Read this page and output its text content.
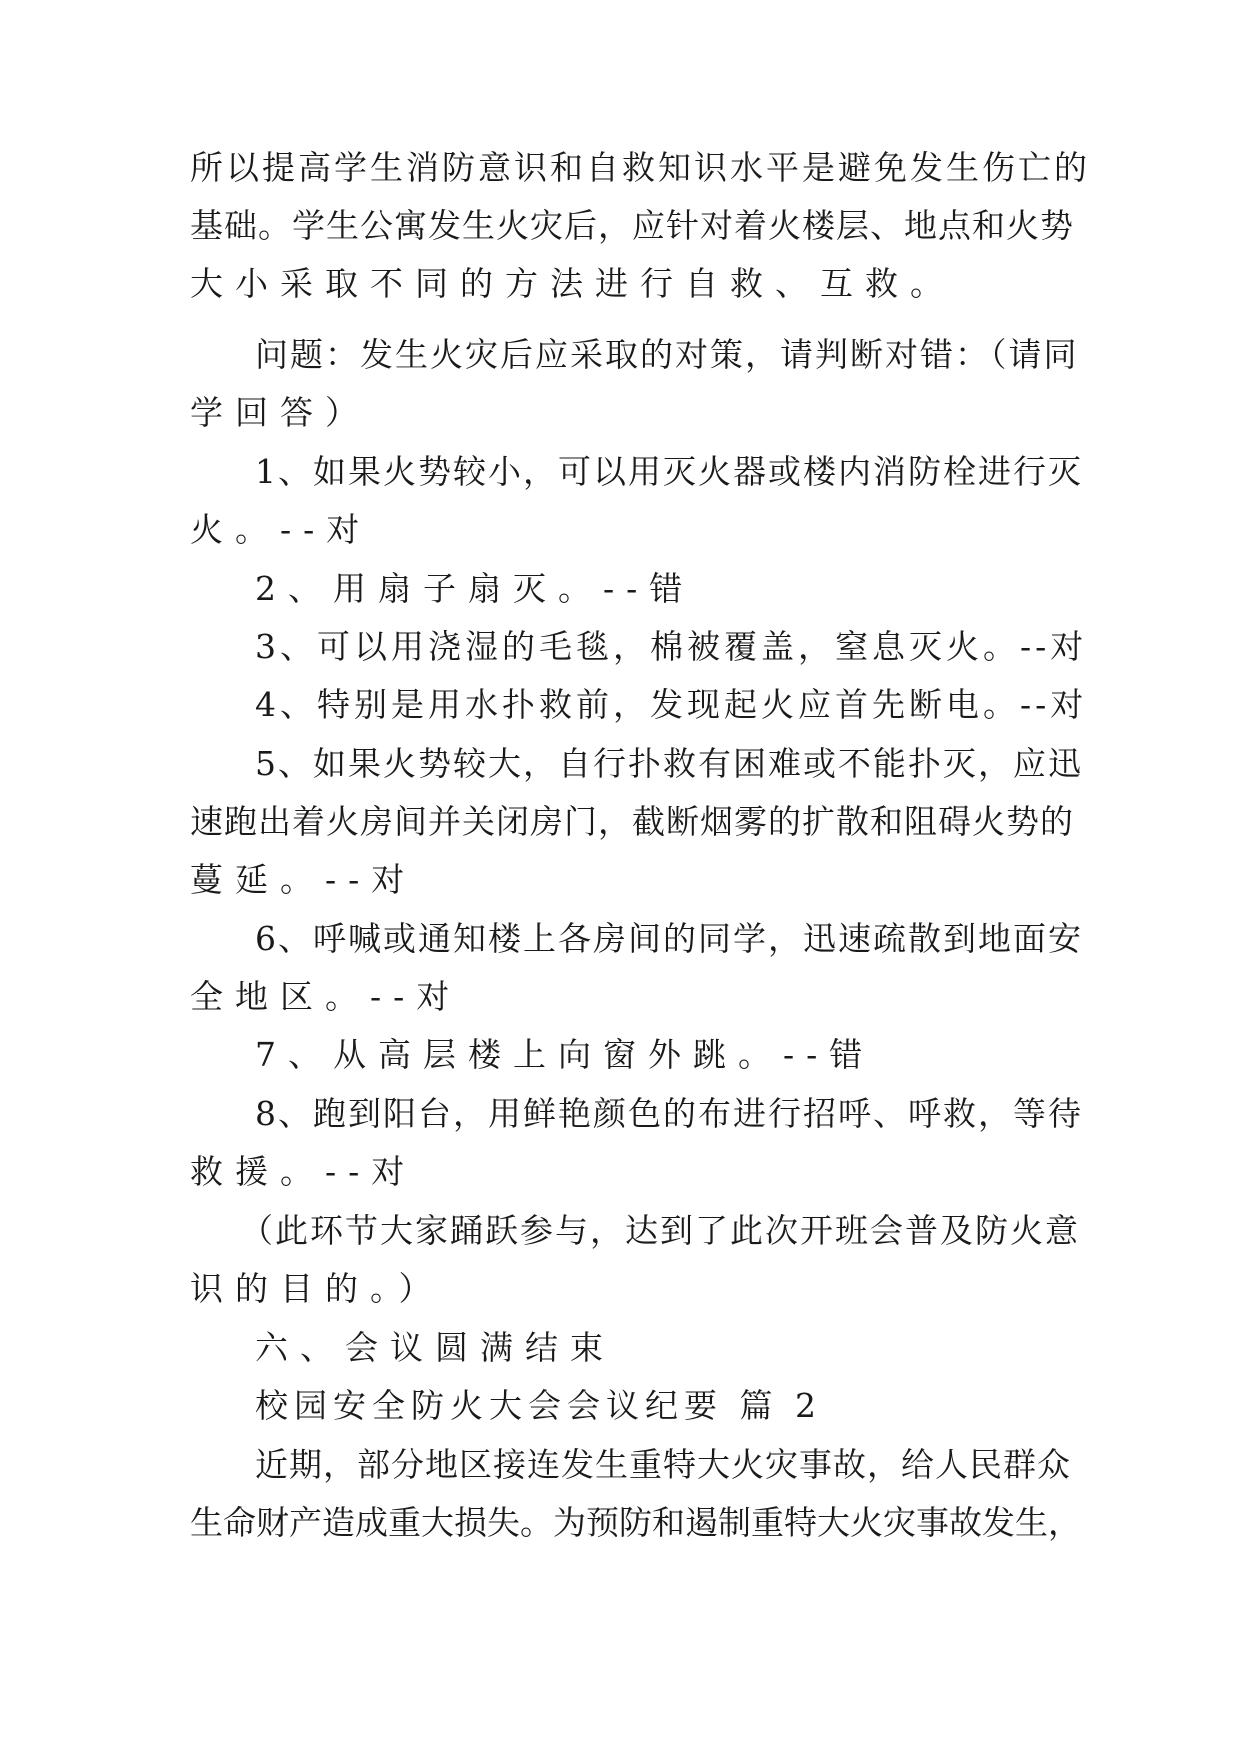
所以提高学生消防意识和自救知识水平是避免发生伤亡的
基础。学生公寓发生火灾后，应针对着火楼层、地点和火势
大小采取不同的方法进行自救、互救。
问题：发生火灾后应采取的对策，请判断对错：（请同
学回答）
1、如果火势较小，可以用灭火器或楼内消防栓进行灭
火。--对
2、用扇子扇灭。--错
3、可以用浇湿的毛毯，棉被覆盖，窒息灭火。--对
4、特别是用水扑救前，发现起火应首先断电。--对
5、如果火势较大，自行扑救有困难或不能扑灭，应迅
速跑出着火房间并关闭房门，截断烟雾的扩散和阻碍火势的
蔓延。--对
6、呼喊或通知楼上各房间的同学，迅速疏散到地面安
全地区。--对
7、从高层楼上向窗外跳。--错
8、跑到阳台，用鲜艳颜色的布进行招呼、呼救，等待
救援。--对
（此环节大家踊跃参与，达到了此次开班会普及防火意
识的目的。）
六、会议圆满结束
校园安全防火大会会议纪要 篇 2
近期，部分地区接连发生重特大火灾事故，给人民群众
生命财产造成重大损失。为预防和遏制重特大火灾事故发生，
